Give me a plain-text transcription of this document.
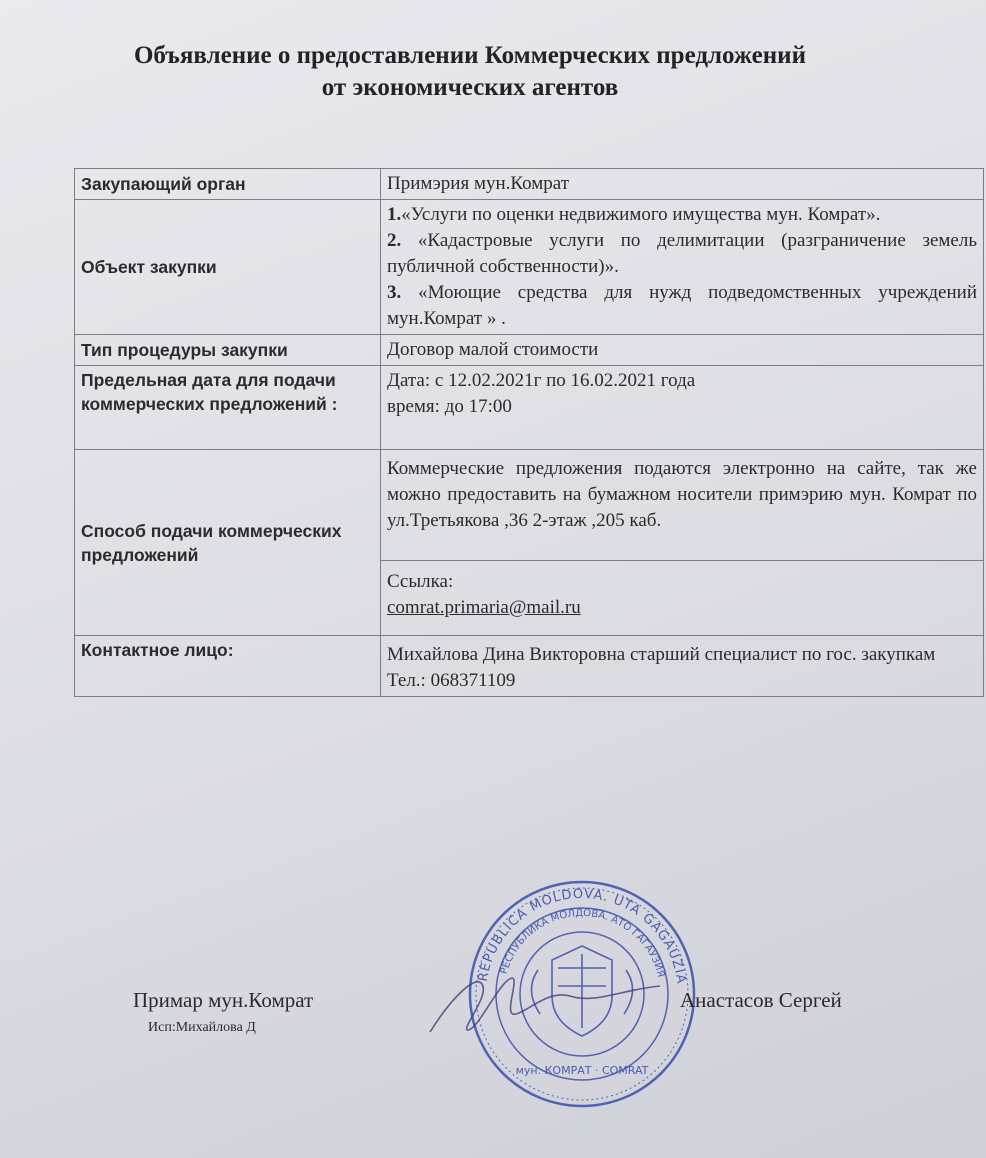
Объявление о предоставлении Коммерческих предложений
от экономических агентов
Закупающий орган	Примэрия мун.Комрат
Объект закупки	1.«Услуги по оценки недвижимого имущества мун. Комрат».
2. «Кадастровые услуги по делимитации (разграничение земель публичной собственности)».
3. «Моющие средства для нужд подведомственных учреждений мун.Комрат » .

Тип процедуры закупки	Договор малой стоимости
Предельная дата для подачи коммерческих предложений :	Дата: с 12.02.2021г по 16.02.2021 года
время: до 17:00

Способ подачи коммерческих предложений	Коммерческие предложения подаются электронно на сайте, так же можно предоставить на бумажном носители примэрию мун. Комрат по ул.Третьякова ,36 2-этаж ,205 каб.
Ссылка:
comrat.primaria@mail.ru

Контактное лицо:	Михайлова Дина Викторовна старший специалист по гос. закупкам
Тел.: 068371109
Примар мун.Комрат
Исп:Михайлова Д
REPUBLICA MOLDOVA. UTA GAGAUZIA
РЕСПУБЛИКА МОЛДОВА. АТО ГАГАУЗИЯ
мун. КОМРАТ · COMRAT
Анастасов Сергей
